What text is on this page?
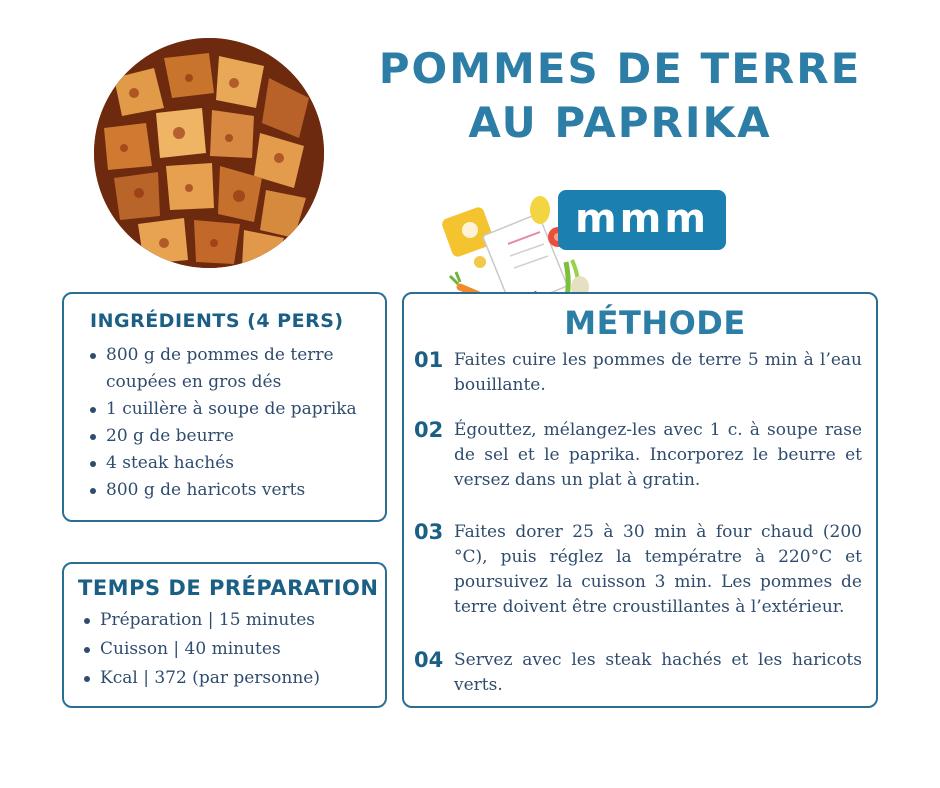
POMMES DE TERRE
AU PAPRIKA
mmm
INGRÉDIENTS (4 PERS)
800 g de pommes de terre coupées en gros dés
1 cuillère à soupe de paprika
20 g de beurre
4 steak hachés
800 g de haricots verts
TEMPS DE PRÉPARATION
Préparation | 15 minutes
Cuisson | 40 minutes
Kcal | 372 (par personne)
MÉTHODE
01 Faites cuire les pommes de terre 5 min à l’eau bouillante.
02 Égouttez, mélangez-les avec 1 c. à soupe rase de sel et le paprika. Incorporez le beurre et versez dans un plat à gratin.
03 Faites dorer 25 à 30 min à four chaud (200 °C), puis réglez la températre à 220°C et poursuivez la cuisson 3 min. Les pommes de terre doivent être croustillantes à l’extérieur.
04 Servez avec les steak hachés et les haricots verts.
